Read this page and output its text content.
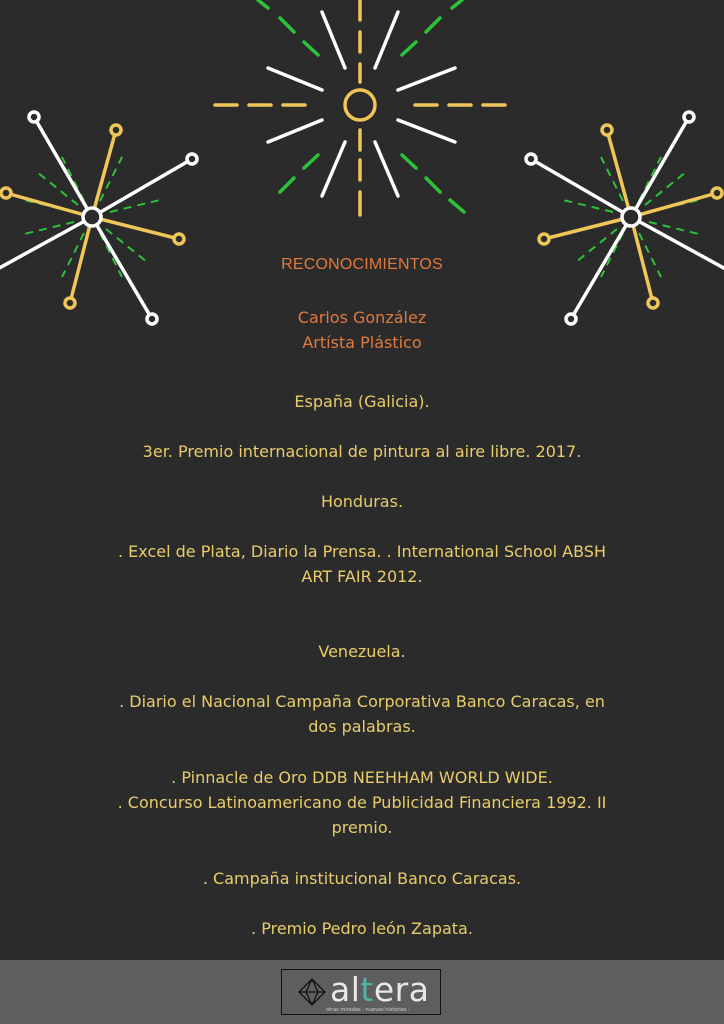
RECONOCIMIENTOS
Carlos González
Artísta Plástico
España (Galicia).
3er. Premio internacional de pintura al aire libre. 2017.
Honduras.
. Excel de Plata, Diario la Prensa. . International School ABSH
ART FAIR 2012.
Venezuela.
. Diario el Nacional Campaña Corporativa Banco Caracas, en
dos palabras.
. Pinnacle de Oro DDB NEEHHAM WORLD WIDE.
. Concurso Latinoamericano de Publicidad Financiera 1992. II
premio.
. Campaña institucional Banco Caracas.
. Premio Pedro león Zapata.
altera
otras miradas - nuevas historias -
